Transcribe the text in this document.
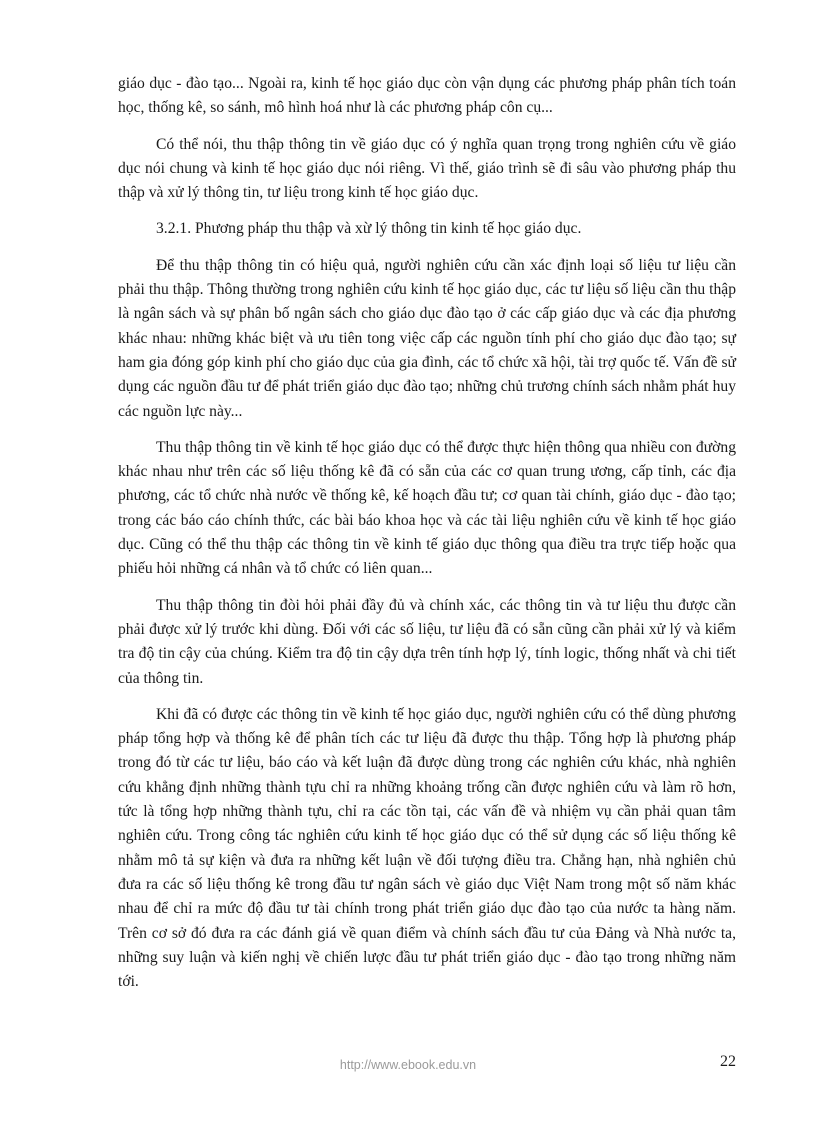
giáo dục - đào tạo... Ngoài ra, kinh tế học giáo dục còn vận dụng các phương pháp phân tích toán học, thống kê, so sánh, mô hình hoá như là các phương pháp côn cụ...

Có thể nói, thu thập thông tin về giáo dục có ý nghĩa quan trọng trong nghiên cứu về giáo dục nói chung và kinh tế học giáo dục nói riêng. Vì thế, giáo trình sẽ đi sâu vào phương pháp thu thập và xử lý thông tin, tư liệu trong kinh tế học giáo dục.

3.2.1. Phương pháp thu thập và xừ lý thông tin kinh tế học giáo dục.

Để thu thập thông tin có hiệu quả, người nghiên cứu cần xác định loại số liệu tư liệu cần phải thu thập. Thông thường trong nghiên cứu kinh tế học giáo dục, các tư liệu số liệu cần thu thập là ngân sách và sự phân bố ngân sách cho giáo dục đào tạo ở các cấp giáo dục và các địa phương khác nhau: những khác biệt và ưu tiên tong việc cấp các nguồn tính phí cho giáo dục đào tạo; sự ham gia đóng góp kinh phí cho giáo dục của gia đình, các tổ chức xã hội, tài trợ quốc tế. Vấn đề sử dụng các nguồn đầu tư để phát triển giáo dục đào tạo; những chủ trương chính sách nhằm phát huy các nguồn lực này...

Thu thập thông tin về kinh tế học giáo dục có thể được thực hiện thông qua nhiều con đường khác nhau như trên các số liệu thống kê đã có sẵn của các cơ quan trung ương, cấp tỉnh, các địa phương, các tổ chức nhà nước về thống kê, kế hoạch đầu tư; cơ quan tài chính, giáo dục - đào tạo; trong các báo cáo chính thức, các bài báo khoa học và các tài liệu nghiên cứu về kinh tế học giáo dục. Cũng có thể thu thập các thông tin về kinh tế giáo dục thông qua điều tra trực tiếp hoặc qua phiếu hỏi những cá nhân và tổ chức có liên quan...

Thu thập thông tin đòi hỏi phải đầy đủ và chính xác, các thông tin và tư liệu thu được cần phải được xử lý trước khi dùng. Đối với các số liệu, tư liệu đã có sẵn cũng cần phải xử lý và kiểm tra độ tin cậy của chúng. Kiểm tra độ tin cậy dựa trên tính hợp lý, tính logic, thống nhất và chi tiết của thông tin.

Khi đã có được các thông tin về kinh tế học giáo dục, người nghiên cứu có thể dùng phương pháp tổng hợp và thống kê để phân tích các tư liệu đã được thu thập. Tổng hợp là phương pháp trong đó từ các tư liệu, báo cáo và kết luận đã được dùng trong các nghiên cứu khác, nhà nghiên cứu khẳng định những thành tựu chỉ ra những khoảng trống cần được nghiên cứu và làm rõ hơn, tức là tổng hợp những thành tựu, chỉ ra các tồn tại, các vấn đề và nhiệm vụ cần phải quan tâm nghiên cứu. Trong công tác nghiên cứu kinh tế học giáo dục có thể sử dụng các số liệu thống kê nhằm mô tả sự kiện và đưa ra những kết luận về đối tượng điều tra. Chẳng hạn, nhà nghiên chủ đưa ra các số liệu thống kê trong đầu tư ngân sách vè giáo dục Việt Nam trong một số năm khác nhau để chỉ ra mức độ đầu tư tài chính trong phát triển giáo dục đào tạo của nước ta hàng năm. Trên cơ sở đó đưa ra các đánh giá về quan điểm và chính sách đầu tư của Đảng và Nhà nước ta, những suy luận và kiến nghị về chiến lược đầu tư phát triển giáo dục - đào tạo trong những năm tới.

http://www.ebook.edu.vn	22
